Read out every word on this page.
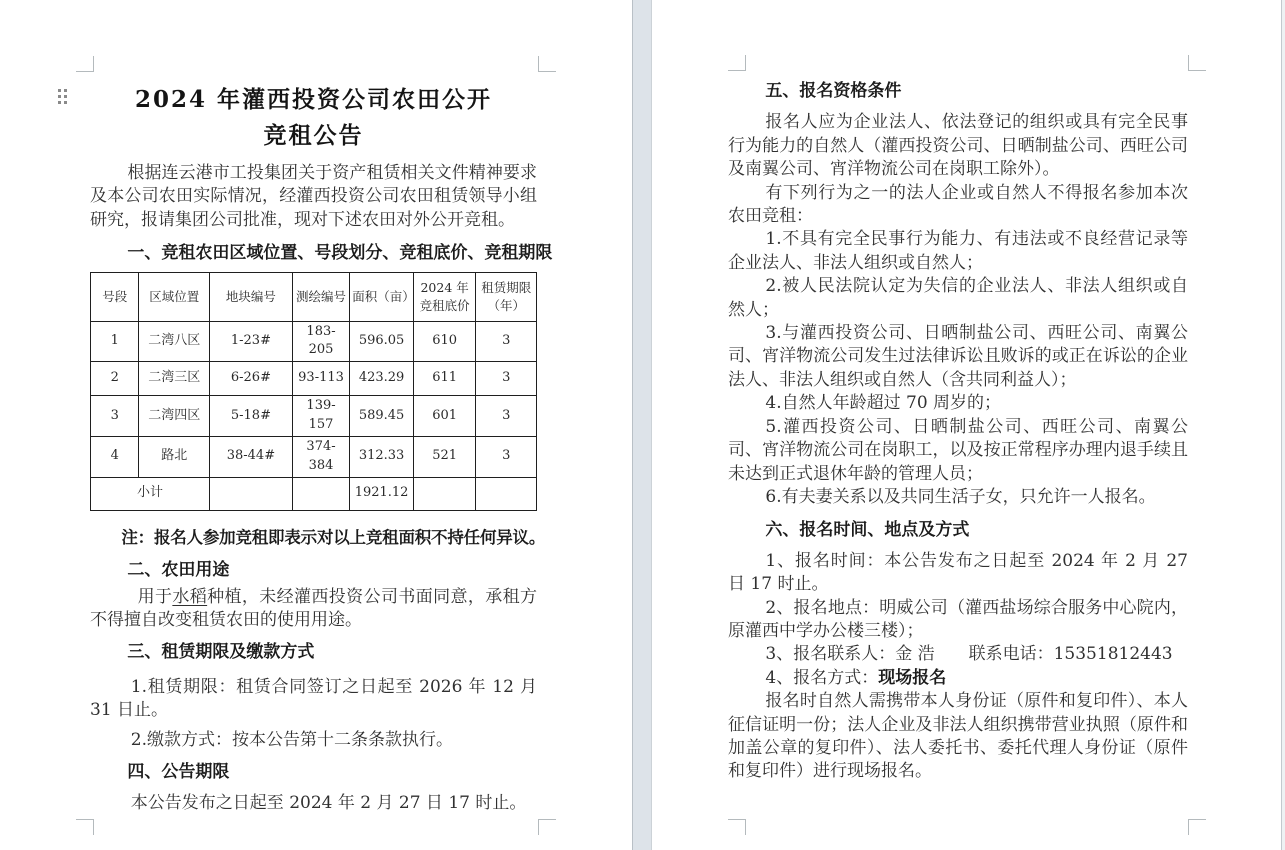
2024 年灌西投资公司农田公开
竞租公告

根据连云港市工投集团关于资产租赁相关文件精神要求及本公司农田实际情况，经灌西投资公司农田租赁领导小组研究，报请集团公司批准，现对下述农田对外公开竞租。

一、竞租农田区域位置、号段划分、竞租底价、竞租期限

号段	区域位置	地块编号	测绘编号	面积（亩）	2024 年竞租底价	租赁期限（年）
1	二湾八区	1-23#	183-205	596.05	610	3
2	二湾三区	6-26#	93-113	423.29	611	3
3	二湾四区	5-18#	139-157	589.45	601	3
4	路北	38-44#	374-384	312.33	521	3
小计				1921.12		

注：报名人参加竞租即表示对以上竞租面积不持任何异议。

二、农田用途

用于水稻种植，未经灌西投资公司书面同意，承租方不得擅自改变租赁农田的使用用途。

三、租赁期限及缴款方式

1.租赁期限：租赁合同签订之日起至 2026 年 12 月 31 日止。

2.缴款方式：按本公告第十二条条款执行。

四、公告期限

本公告发布之日起至 2024 年 2 月 27 日 17 时止。

五、报名资格条件

报名人应为企业法人、依法登记的组织或具有完全民事行为能力的自然人（灌西投资公司、日晒制盐公司、西旺公司及南翼公司、宵洋物流公司在岗职工除外）。

有下列行为之一的法人企业或自然人不得报名参加本次农田竞租：

1.不具有完全民事行为能力、有违法或不良经营记录等企业法人、非法人组织或自然人；

2.被人民法院认定为失信的企业法人、非法人组织或自然人；

3.与灌西投资公司、日晒制盐公司、西旺公司、南翼公司、宵洋物流公司发生过法律诉讼且败诉的或正在诉讼的企业法人、非法人组织或自然人（含共同利益人）；

4.自然人年龄超过 70 周岁的；

5.灌西投资公司、日晒制盐公司、西旺公司、南翼公司、宵洋物流公司在岗职工，以及按正常程序办理内退手续且未达到正式退休年龄的管理人员；

6.有夫妻关系以及共同生活子女，只允许一人报名。

六、报名时间、地点及方式

1、报名时间：本公告发布之日起至 2024 年 2 月 27 日 17 时止。

2、报名地点：明威公司（灌西盐场综合服务中心院内，原灌西中学办公楼三楼）；

3、报名联系人：金 浩　　联系电话：15351812443

4、报名方式：现场报名

报名时自然人需携带本人身份证（原件和复印件）、本人征信证明一份；法人企业及非法人组织携带营业执照（原件和加盖公章的复印件）、法人委托书、委托代理人身份证（原件和复印件）进行现场报名。
